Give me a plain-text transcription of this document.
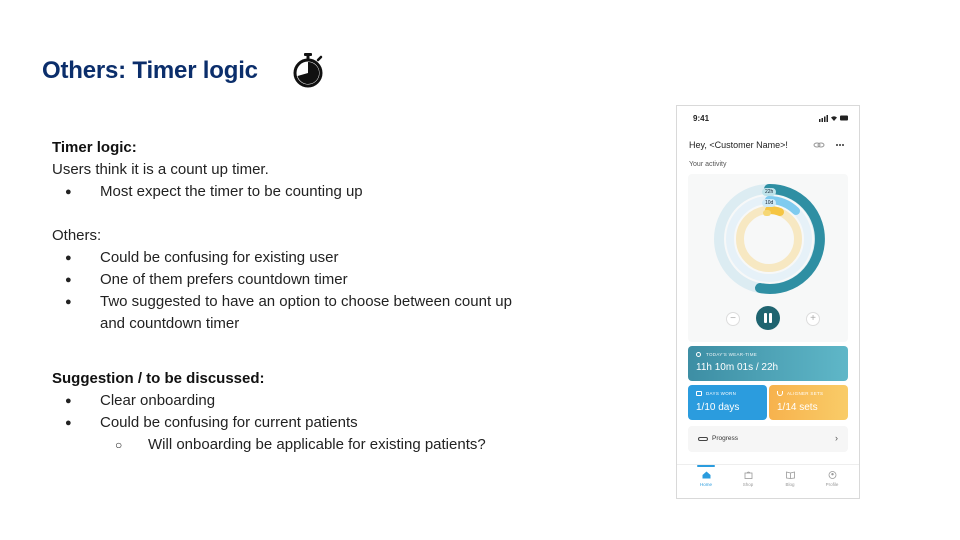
Others: Timer logic
Timer logic:
Users think it is a count up timer.
● Most expect the timer to be counting up
Others:
● Could be confusing for existing user
● One of them prefers countdown timer
● Two suggested to have an option to choose between count up
and countdown timer
Suggestion / to be discussed:
● Clear onboarding
● Could be confusing for current patients
○ Will onboarding be applicable for existing patients?
9:41
Hey, <Customer Name>!
Your activity
22h
10d
−	+
TODAY'S WEAR-TIME
11h 10m 01s / 22h
DAYS WORN
1/10 days
ALIGNER SETS
1/14 sets
Progress	›
Home	Shop	Blog	Profile
